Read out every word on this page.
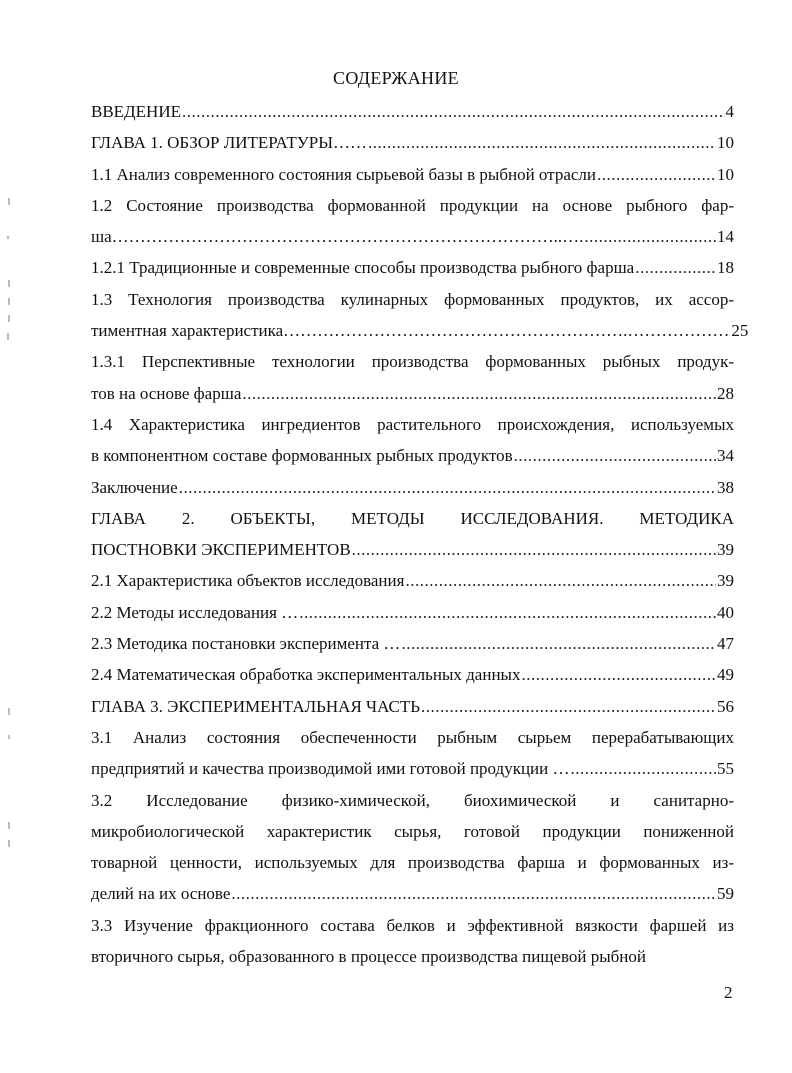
СОДЕРЖАНИЕ
ВВЕДЕНИЕ .....	4
ГЛАВА 1. ОБЗОР ЛИТЕРАТУРЫ…… .....	10
1.1 Анализ современного состояния сырьевой базы в рыбной отрасли .....	10
1.2 Состояние производства формованной продукции на основе рыбного фар-
ша……………………………………………………………………..…. .....	14
1.2.1 Традиционные и современные способы производства рыбного фарша .....	18
1.3 Технология производства кулинарных формованных продуктов, их ассор-
тиментная характеристика…………………………………………………….……………… 25
1.3.1 Перспективные технологии производства формованных рыбных продук-
тов на основе фарша .....	28
1.4 Характеристика ингредиентов растительного происхождения, используемых
в компонентном составе формованных рыбных продуктов .....	34
Заключение .....	38
ГЛАВА 2. ОБЪЕКТЫ, МЕТОДЫ ИССЛЕДОВАНИЯ. МЕТОДИКА
ПОСТНОВКИ ЭКСПЕРИМЕНТОВ .....	39
2.1 Характеристика объектов исследования .....	39
2.2 Методы исследования … .....	40
2.3 Методика постановки эксперимента … .....	47
2.4 Математическая обработка экспериментальных данных .....	49
ГЛАВА 3. ЭКСПЕРИМЕНТАЛЬНАЯ ЧАСТЬ .....	56
3.1 Анализ состояния обеспеченности рыбным сырьем перерабатывающих
предприятий и качества производимой ими готовой продукции … .....	55
3.2 Исследование физико-химической, биохимической и санитарно-
микробиологической характеристик сырья, готовой продукции пониженной
товарной ценности, используемых для производства фарша и формованных из-
делий на их основе .....	59
3.3 Изучение фракционного состава белков и эффективной вязкости фаршей из
вторичного сырья, образованного в процессе производства пищевой рыбной
2
